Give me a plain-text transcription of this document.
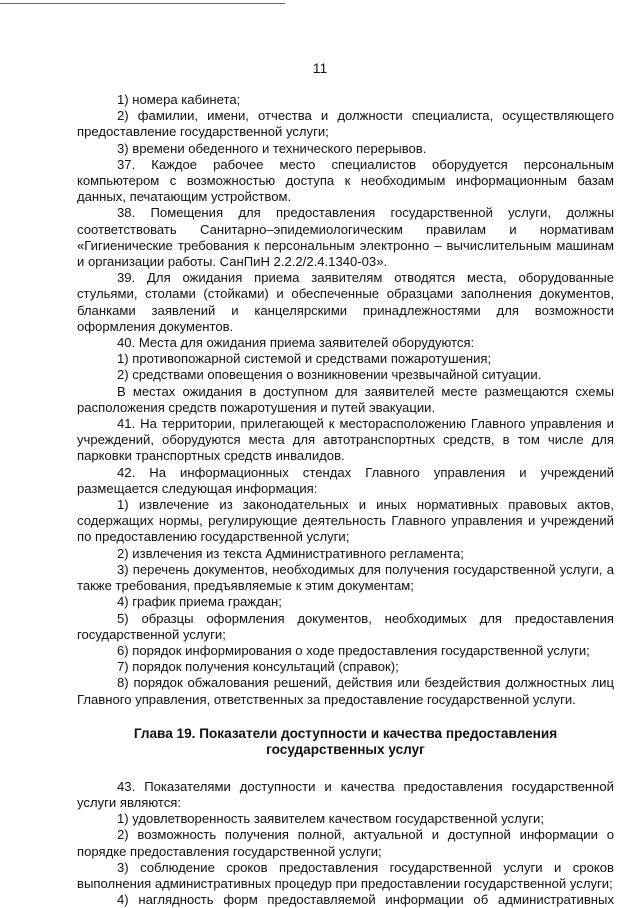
11

1) номера кабинета;

2) фамилии, имени, отчества и должности специалиста, осуществляющего предоставление государственной услуги;

3) времени обеденного и технического перерывов.

37. Каждое рабочее место специалистов оборудуется персональным компьютером с возможностью доступа к необходимым информационным базам данных, печатающим устройством.

38. Помещения для предоставления государственной услуги, должны соответствовать Санитарно–эпидемиологическим правилам и нормативам «Гигиенические требования к персональным электронно – вычислительным машинам и организации работы. СанПиН 2.2.2/2.4.1340-03».

39. Для ожидания приема заявителям отводятся места, оборудованные стульями, столами (стойками) и обеспеченные образцами заполнения документов, бланками заявлений и канцелярскими принадлежностями для возможности оформления документов.

40. Места для ожидания приема заявителей оборудуются:

1) противопожарной системой и средствами пожаротушения;

2) средствами оповещения о возникновении чрезвычайной ситуации.

В местах ожидания в доступном для заявителей месте размещаются схемы расположения средств пожаротушения и путей эвакуации.

41. На территории, прилегающей к месторасположению Главного управления и учреждений, оборудуются места для автотранспортных средств, в том числе для парковки транспортных средств инвалидов.

42. На информационных стендах Главного управления и учреждений размещается следующая информация:

1) извлечение из законодательных и иных нормативных правовых актов, содержащих нормы, регулирующие деятельность Главного управления и учреждений по предоставлению государственной услуги;

2) извлечения из текста Административного регламента;

3) перечень документов, необходимых для получения государственной услуги, а также требования, предъявляемые к этим документам;

4) график приема граждан;

5) образцы оформления документов, необходимых для предоставления государственной услуги;

6) порядок информирования о ходе предоставления государственной услуги;

7) порядок получения консультаций (справок);

8) порядок обжалования решений, действия или бездействия должностных лиц Главного управления, ответственных за предоставление государственной услуги.

Глава 19. Показатели доступности и качества предоставления государственных услуг

43. Показателями доступности и качества предоставления государственной услуги являются:

1) удовлетворенность заявителем качеством государственной услуги;

2) возможность получения полной, актуальной и доступной информации о порядке предоставления государственной услуги;

3) соблюдение сроков предоставления государственной услуги и сроков выполнения административных процедур при предоставлении государственной услуги;

4) наглядность форм предоставляемой информации об административных
